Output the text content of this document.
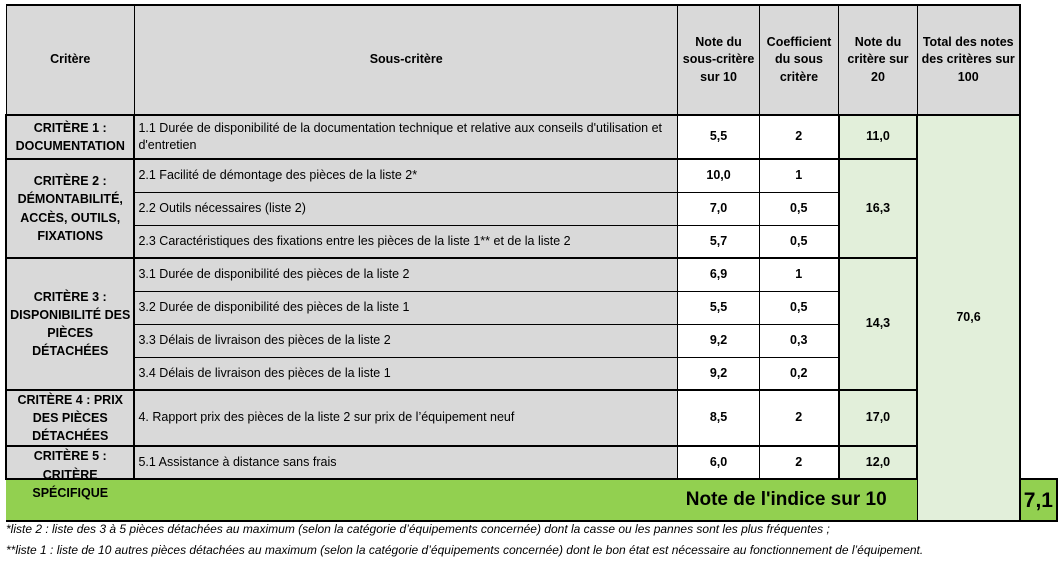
Critère	Sous-critère	Note du sous-critère sur 10	Coefficient du sous critère	Note du critère sur 20	Total des notes des critères sur 100	
CRITÈRE 1 : DOCUMENTATION	1.1 Durée de disponibilité de la documentation technique et relative aux conseils d'utilisation et d'entretien	5,5	2	11,0	70,6	
CRITÈRE 2 : DÉMONTABILITÉ, ACCÈS, OUTILS, FIXATIONS	2.1 Facilité de démontage des pièces de la liste 2*	10,0	1	16,3		
	2.2 Outils nécessaires (liste 2)	7,0	0,5			
	2.3 Caractéristiques des fixations entre les pièces de la liste 1** et de la liste 2	5,7	0,5			
CRITÈRE 3 : DISPONIBILITÉ DES PIÈCES DÉTACHÉES	3.1 Durée de disponibilité des pièces de la liste 2	6,9	1	14,3		
	3.2 Durée de disponibilité des pièces de la liste 1	5,5	0,5			
	3.3 Délais de livraison des pièces de la liste 2	9,2	0,3			
	3.4 Délais de livraison des pièces de la liste 1	9,2	0,2			
CRITÈRE 4 : PRIX DES PIÈCES DÉTACHÉES	4. Rapport prix des pièces de la liste 2 sur prix de l’équipement neuf	8,5	2	17,0		

CRITÈRE 5 : CRITÈRE SPÉCIFIQUE	5.1 Assistance à distance sans frais	6,0	2	12,0		
Note de l'indice sur 10						7,1
*liste 2 : liste des 3 à 5 pièces détachées au maximum (selon la catégorie d’équipements concernée) dont la casse ou les pannes sont les plus fréquentes ;
**liste 1 : liste de 10 autres pièces détachées au maximum (selon la catégorie d’équipements concernée) dont le bon état est nécessaire au fonctionnement de l’équipement.
